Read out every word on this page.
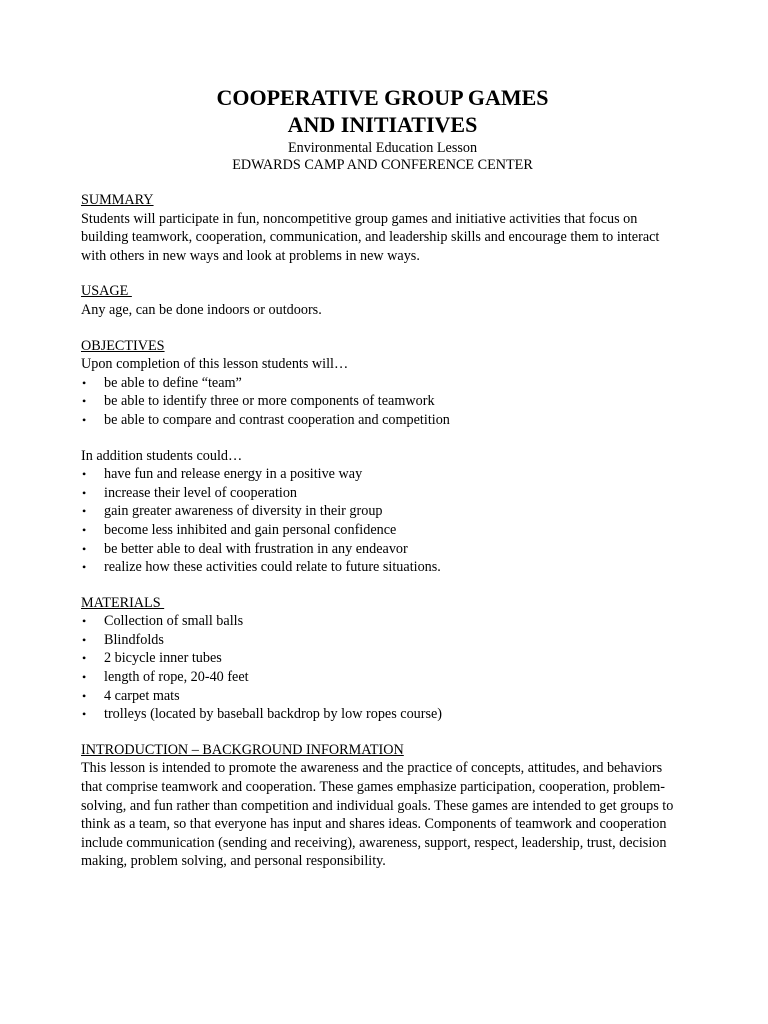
COOPERATIVE GROUP GAMES

AND INITIATIVES

Environmental Education Lesson

EDWARDS CAMP AND CONFERENCE CENTER

SUMMARY

Students will participate in fun, noncompetitive group games and initiative activities that focus on building teamwork, cooperation, communication, and leadership skills and encourage them to interact with others in new ways and look at problems in new ways.

USAGE

Any age, can be done indoors or outdoors.

OBJECTIVES

Upon completion of this lesson students will…

• be able to define “team”
• be able to identify three or more components of teamwork
• be able to compare and contrast cooperation and competition

In addition students could…

• have fun and release energy in a positive way
• increase their level of cooperation
• gain greater awareness of diversity in their group
• become less inhibited and gain personal confidence
• be better able to deal with frustration in any endeavor
• realize how these activities could relate to future situations.

MATERIALS

• Collection of small balls
• Blindfolds
• 2 bicycle inner tubes
• length of rope, 20-40 feet
• 4 carpet mats
• trolleys (located by baseball backdrop by low ropes course)

INTRODUCTION – BACKGROUND INFORMATION

This lesson is intended to promote the awareness and the practice of concepts, attitudes, and behaviors that comprise teamwork and cooperation. These games emphasize participation, cooperation, problem-solving, and fun rather than competition and individual goals. These games are intended to get groups to think as a team, so that everyone has input and shares ideas. Components of teamwork and cooperation include communication (sending and receiving), awareness, support, respect, leadership, trust, decision making, problem solving, and personal responsibility.
